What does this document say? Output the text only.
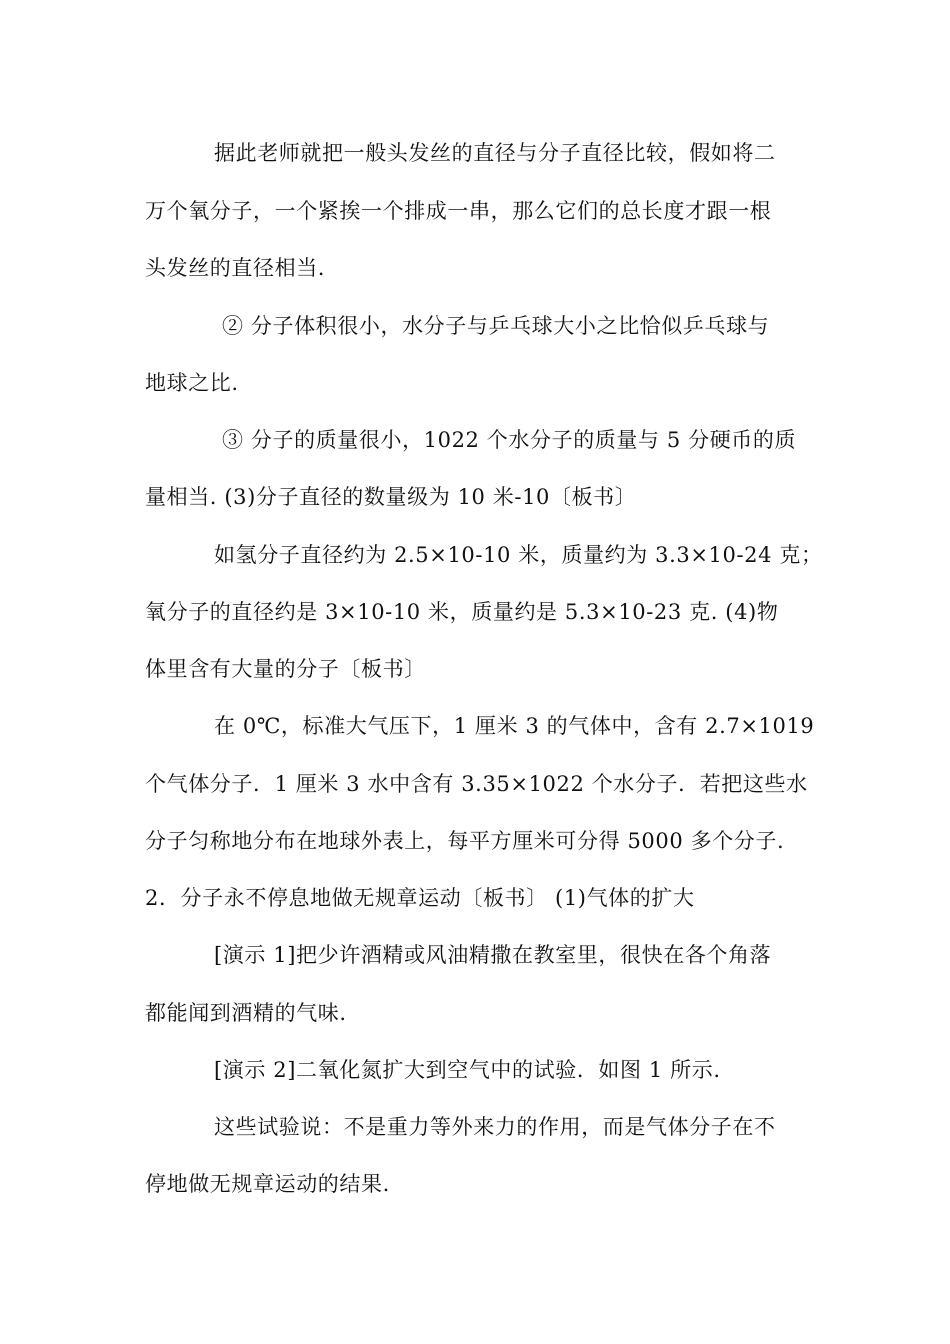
据此老师就把一般头发丝的直径与分子直径比较，假如将二

万个氧分子，一个紧挨一个排成一串，那么它们的总长度才跟一根

头发丝的直径相当.

② 分子体积很小，水分子与乒乓球大小之比恰似乒乓球与

地球之比.

③ 分子的质量很小，1022 个水分子的质量与 5 分硬币的质

量相当. (3)分子直径的数量级为 10 米-10〔板书〕

如氢分子直径约为 2.5×10-10 米，质量约为 3.3×10-24 克；

氧分子的直径约是 3×10-10 米，质量约是 5.3×10-23 克. (4)物

体里含有大量的分子〔板书〕

在 0℃，标准大气压下，1 厘米 3 的气体中，含有 2.7×1019

个气体分子．1 厘米 3 水中含有 3.35×1022 个水分子．若把这些水

分子匀称地分布在地球外表上，每平方厘米可分得 5000 多个分子.

2．分子永不停息地做无规章运动〔板书〕 (1)气体的扩大

[演示 1]把少许酒精或风油精撒在教室里，很快在各个角落

都能闻到酒精的气味.

[演示 2]二氧化氮扩大到空气中的试验．如图 1 所示.

这些试验说：不是重力等外来力的作用，而是气体分子在不

停地做无规章运动的结果.
